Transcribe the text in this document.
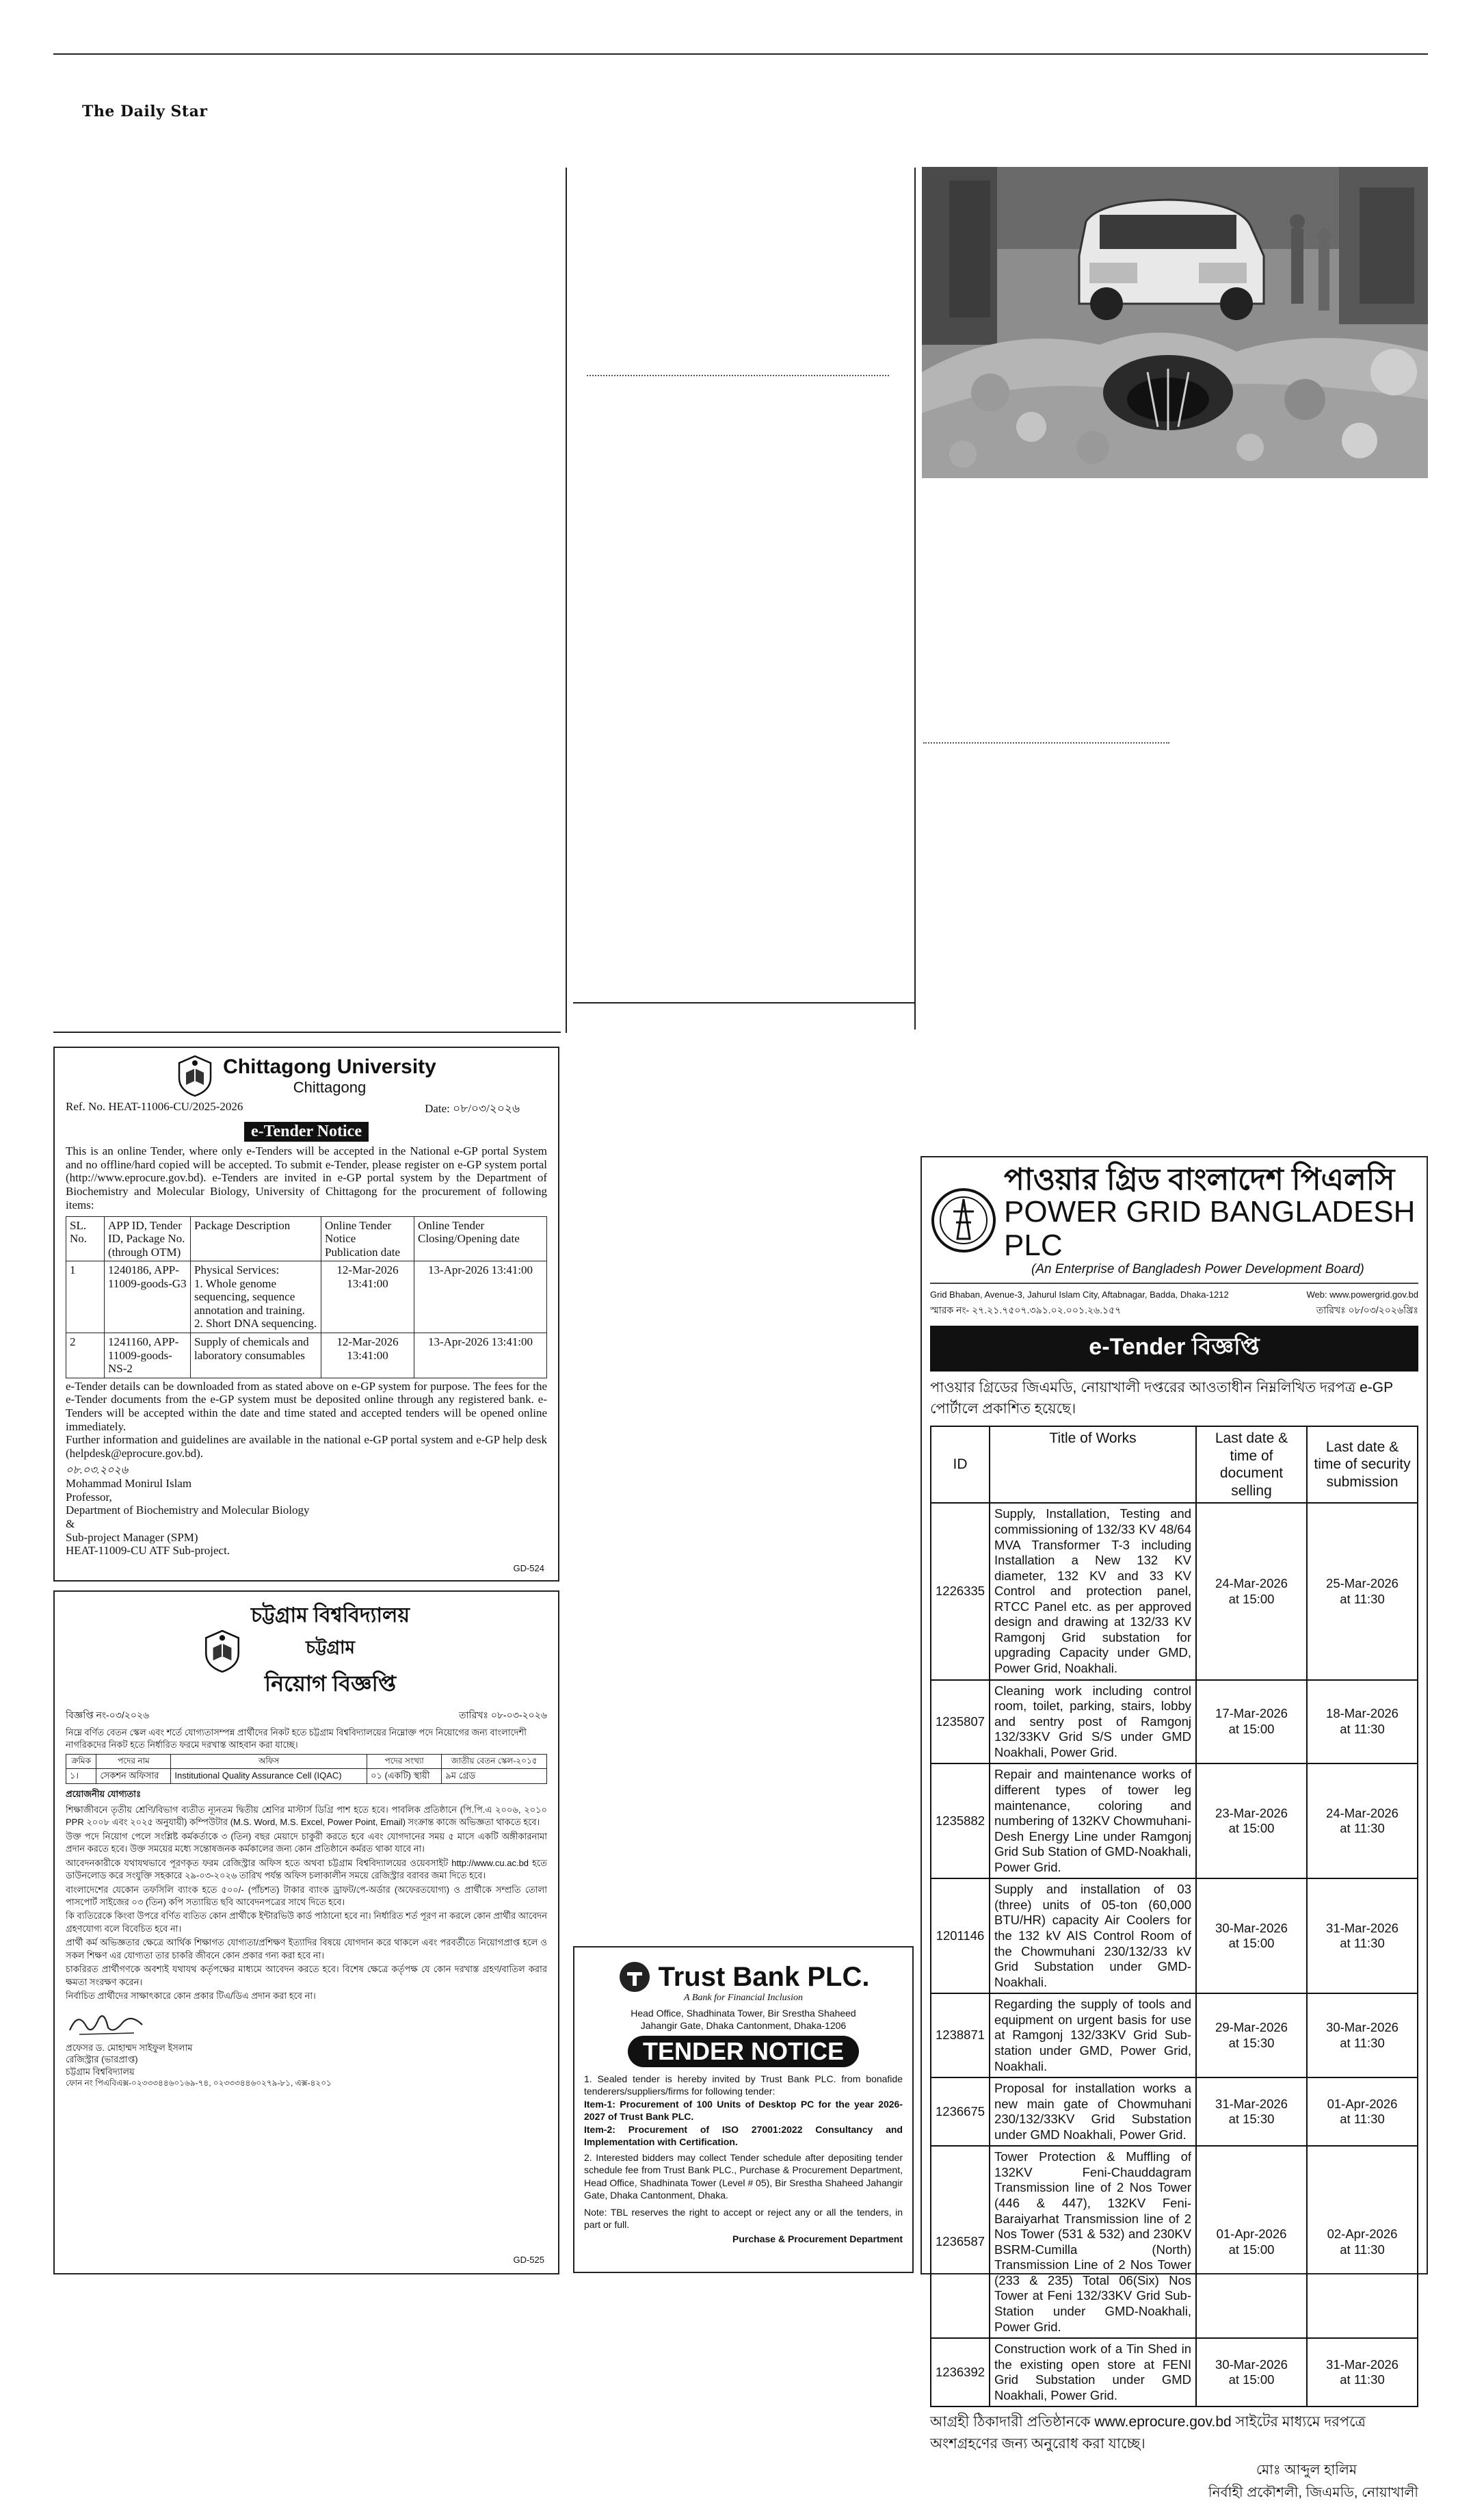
The Daily Star
Chittagong University
Chittagong
Ref. No. HEAT-11006-CU/2025-2026	Date: ০৮/০৩/২০২৬
e-Tender Notice
This is an online Tender, where only e-Tenders will be accepted in the National e-GP portal System and no offline/hard copied will be accepted. To submit e-Tender, please register on e-GP system portal (http://www.eprocure.gov.bd). e-Tenders are invited in e-GP portal system by the Department of Biochemistry and Molecular Biology, University of Chittagong for the procurement of following items:
SL. No.	APP ID, Tender ID, Package No. (through OTM)	Package Description	Online Tender Notice Publication date	Online Tender Closing/Opening date
1	1240186, APP-11009-goods-G3	Physical Services:
1. Whole genome sequencing, sequence annotation and training.
2. Short DNA sequencing.	12-Mar-2026 13:41:00	13-Apr-2026 13:41:00
2	1241160, APP-11009-goods-NS-2	Supply of chemicals and laboratory consumables	12-Mar-2026 13:41:00	13-Apr-2026 13:41:00
e-Tender details can be downloaded from as stated above on e-GP system for purpose. The fees for the e-Tender documents from the e-GP system must be deposited online through any registered bank. e-Tenders will be accepted within the date and time stated and accepted tenders will be opened online immediately.
Further information and guidelines are available in the national e-GP portal system and e-GP help desk (helpdesk@eprocure.gov.bd).
০৮.০৩.২০২৬
Mohammad Monirul Islam
Professor,
Department of Biochemistry and Molecular Biology
&
Sub-project Manager (SPM)
HEAT-11009-CU ATF Sub-project.
GD-524
চট্টগ্রাম বিশ্ববিদ্যালয়
চট্টগ্রাম
নিয়োগ বিজ্ঞপ্তি
বিজ্ঞপ্তি নং-০৩/২০২৬	তারিখঃ ০৮-০৩-২০২৬
নিম্নে বর্ণিত বেতন স্কেল এবং শর্তে যোগ্যতাসম্পন্ন প্রার্থীদের নিকট হতে চট্টগ্রাম বিশ্ববিদ্যালয়ের নিম্নোক্ত পদে নিয়োগের জন্য বাংলাদেশী নাগরিকদের নিকট হতে নির্ধারিত ফরমে দরখাস্ত আহবান করা যাচ্ছে।
ক্রমিক	পদের নাম	অফিস	পদের সংখ্যা	জাতীয় বেতন স্কেল-২০১৫
১।	সেকশন অফিসার	Institutional Quality Assurance Cell (IQAC)	০১ (একটি) স্থায়ী	৯ম গ্রেড
প্রয়োজনীয় যোগ্যতাঃ

শিক্ষাজীবনে তৃতীয় শ্রেণি/বিভাগ ব্যতীত ন্যূনতম দ্বিতীয় শ্রেণির মাস্টার্স ডিগ্রি পাশ হতে হবে। পাবলিক প্রতিষ্ঠানে (পি.পি.এ ২০০৬, ২০১০ PPR ২০০৮ এবং ২০২৫ অনুযায়ী) কম্পিউটার (M.S. Word, M.S. Excel, Power Point, Email) সংক্রান্ত কাজে অভিজ্ঞতা থাকতে হবে।

উক্ত পদে নিয়োগ পেলে সংশ্লিষ্ট কর্মকর্তাকে ৩ (তিন) বছর মেয়াদে চাকুরী করতে হবে এবং যোগদানের সময় ৫ মাসে একটি অঙ্গীকারনামা প্রদান করতে হবে। উক্ত সময়ের মধ্যে সন্তোষজনক কর্মকালের জন্য কোন প্রতিষ্ঠানে কর্মরত থাকা যাবে না।

আবেদনকারীকে যথাযথভাবে পূরণকৃত ফরম রেজিস্ট্রার অফিস হতে অথবা চট্টগ্রাম বিশ্ববিদ্যালয়ের ওয়েবসাইট http://www.cu.ac.bd হতে ডাউনলোড করে সংযুক্তি সহকারে ২৯-০৩-২০২৬ তারিখ পর্যন্ত অফিস চলাকালীন সময়ে রেজিস্ট্রার বরাবর জমা দিতে হবে।

বাংলাদেশের যেকোন তফসিলি ব্যাংক হতে ৫০০/- (পাঁচশত) টাকার ব্যাংক ড্রাফট/পে-অর্ডার (অফেরতযোগ্য) ও প্রার্থীকে সম্প্রতি তোলা পাসপোর্ট সাইজের ০৩ (তিন) কপি সত্যায়িত ছবি আবেদনপত্রের সাথে দিতে হবে।

কি ব্যতিরেকে কিংবা উপরে বর্ণিত ব্যতিত কোন প্রার্থীকে ইন্টারভিউ কার্ড পাঠানো হবে না। নির্ধারিত শর্ত পূরণ না করলে কোন প্রার্থীর আবেদন গ্রহণযোগ্য বলে বিবেচিত হবে না।

প্রার্থী কর্ম অভিজ্ঞতার ক্ষেত্রে আর্থিক শিক্ষাগত যোগ্যতা/প্রশিক্ষণ ইত্যাদির বিষয়ে যোগদান করে থাকলে এবং পরবর্তীতে নিয়োগপ্রাপ্ত হলে ও সকল শিক্ষণ এর যোগ্যতা তার চাকরি জীবনে কোন প্রকার গন্য করা হবে না।

চাকরিরত প্রার্থীগণকে অবশ্যই যথাযথ কর্তৃপক্ষের মাধ্যমে আবেদন করতে হবে। বিশেষ ক্ষেত্রে কর্তৃপক্ষ যে কোন দরখাস্ত গ্রহণ/বাতিল করার ক্ষমতা সংরক্ষণ করেন।

নির্বাচিত প্রার্থীদের সাক্ষাৎকারে কোন প্রকার টিএ/ডিএ প্রদান করা হবে না।

প্রফেসর ড. মোহাম্মদ সাইফুল ইসলাম
রেজিস্ট্রার (ভারপ্রাপ্ত)
চট্টগ্রাম বিশ্ববিদ্যালয়
ফোন নং পিএবিএক্স-০২৩৩৩৪৪৬০১৬৯-৭৪, ০২৩৩৩৪৪৬০২৭৯-৮১, এক্স-৪২০১
GD-525
Trust Bank PLC.
A Bank for Financial Inclusion
Head Office, Shadhinata Tower, Bir Srestha Shaheed Jahangir Gate, Dhaka Cantonment, Dhaka-1206
TENDER NOTICE
1. Sealed tender is hereby invited by Trust Bank PLC. from bonafide tenderers/suppliers/firms for following tender:
Item-1: Procurement of 100 Units of Desktop PC for the year 2026-2027 of Trust Bank PLC.
Item-2: Procurement of ISO 27001:2022 Consultancy and Implementation with Certification.
2. Interested bidders may collect Tender schedule after depositing tender schedule fee from Trust Bank PLC., Purchase & Procurement Department, Head Office, Shadhinata Tower (Level # 05), Bir Srestha Shaheed Jahangir Gate, Dhaka Cantonment, Dhaka.
Note: TBL reserves the right to accept or reject any or all the tenders, in part or full.
Purchase & Procurement Department
পাওয়ার গ্রিড বাংলাদেশ পিএলসি
POWER GRID BANGLADESH PLC
(An Enterprise of Bangladesh Power Development Board)
Grid Bhaban, Avenue-3, Jahurul Islam City, Aftabnagar, Badda, Dhaka-1212	Web: www.powergrid.gov.bd
স্মারক নং- ২৭.২১.৭৫০৭.৩৯১.০২.০০১.২৬.১৫৭	তারিখঃ ০৮/০৩/২০২৬খ্রিঃ
e-Tender বিজ্ঞপ্তি
পাওয়ার গ্রিডের জিএমডি, নোয়াখালী দপ্তরের আওতাধীন নিম্নলিখিত দরপত্র e-GP পোর্টালে প্রকাশিত হয়েছে।
ID	Title of Works	Last date & time of document selling	Last date & time of security submission

1226335	Supply, Installation, Testing and commissioning of 132/33 KV 48/64 MVA Transformer T-3 including Installation a New 132 KV diameter, 132 KV and 33 KV Control and protection panel, RTCC Panel etc. as per approved design and drawing at 132/33 KV Ramgonj Grid substation for upgrading Capacity under GMD, Power Grid, Noakhali.	24-Mar-2026
at 15:00	25-Mar-2026
at 11:30

1235807	Cleaning work including control room, toilet, parking, stairs, lobby and sentry post of Ramgonj 132/33KV Grid S/S under GMD Noakhali, Power Grid.	17-Mar-2026
at 15:00	18-Mar-2026
at 11:30

1235882	Repair and maintenance works of different types of tower leg maintenance, coloring and numbering of 132KV Chowmuhani-Desh Energy Line under Ramgonj Grid Sub Station of GMD-Noakhali, Power Grid.	23-Mar-2026
at 15:00	24-Mar-2026
at 11:30

1201146	Supply and installation of 03 (three) units of 05-ton (60,000 BTU/HR) capacity Air Coolers for the 132 kV AIS Control Room of the Chowmuhani 230/132/33 kV Grid Substation under GMD-Noakhali.	30-Mar-2026
at 15:00	31-Mar-2026
at 11:30

1238871	Regarding the supply of tools and equipment on urgent basis for use at Ramgonj 132/33KV Grid Sub-station under GMD, Power Grid, Noakhali.	29-Mar-2026
at 15:30	30-Mar-2026
at 11:30

1236675	Proposal for installation works a new main gate of Chowmuhani 230/132/33KV Grid Substation under GMD Noakhali, Power Grid.	31-Mar-2026
at 15:30	01-Apr-2026
at 11:30

1236587	Tower Protection & Muffling of 132KV Feni-Chauddagram Transmission line of 2 Nos Tower (446 & 447), 132KV Feni-Baraiyarhat Transmission line of 2 Nos Tower (531 & 532) and 230KV BSRM-Cumilla (North) Transmission Line of 2 Nos Tower (233 & 235) Total 06(Six) Nos Tower at Feni 132/33KV Grid Sub-Station under GMD-Noakhali, Power Grid.	01-Apr-2026
at 15:00	02-Apr-2026
at 11:30

1236392	Construction work of a Tin Shed in the existing open store at FENI Grid Substation under GMD Noakhali, Power Grid.	30-Mar-2026
at 15:00	31-Mar-2026
at 11:30
আগ্রহী ঠিকাদারী প্রতিষ্ঠানকে www.eprocure.gov.bd সাইটের মাধ্যমে দরপত্রে অংশগ্রহণের জন্য অনুরোধ করা যাচ্ছে।
মোঃ আব্দুল হালিম
নির্বাহী প্রকৌশলী, জিএমডি, নোয়াখালী
